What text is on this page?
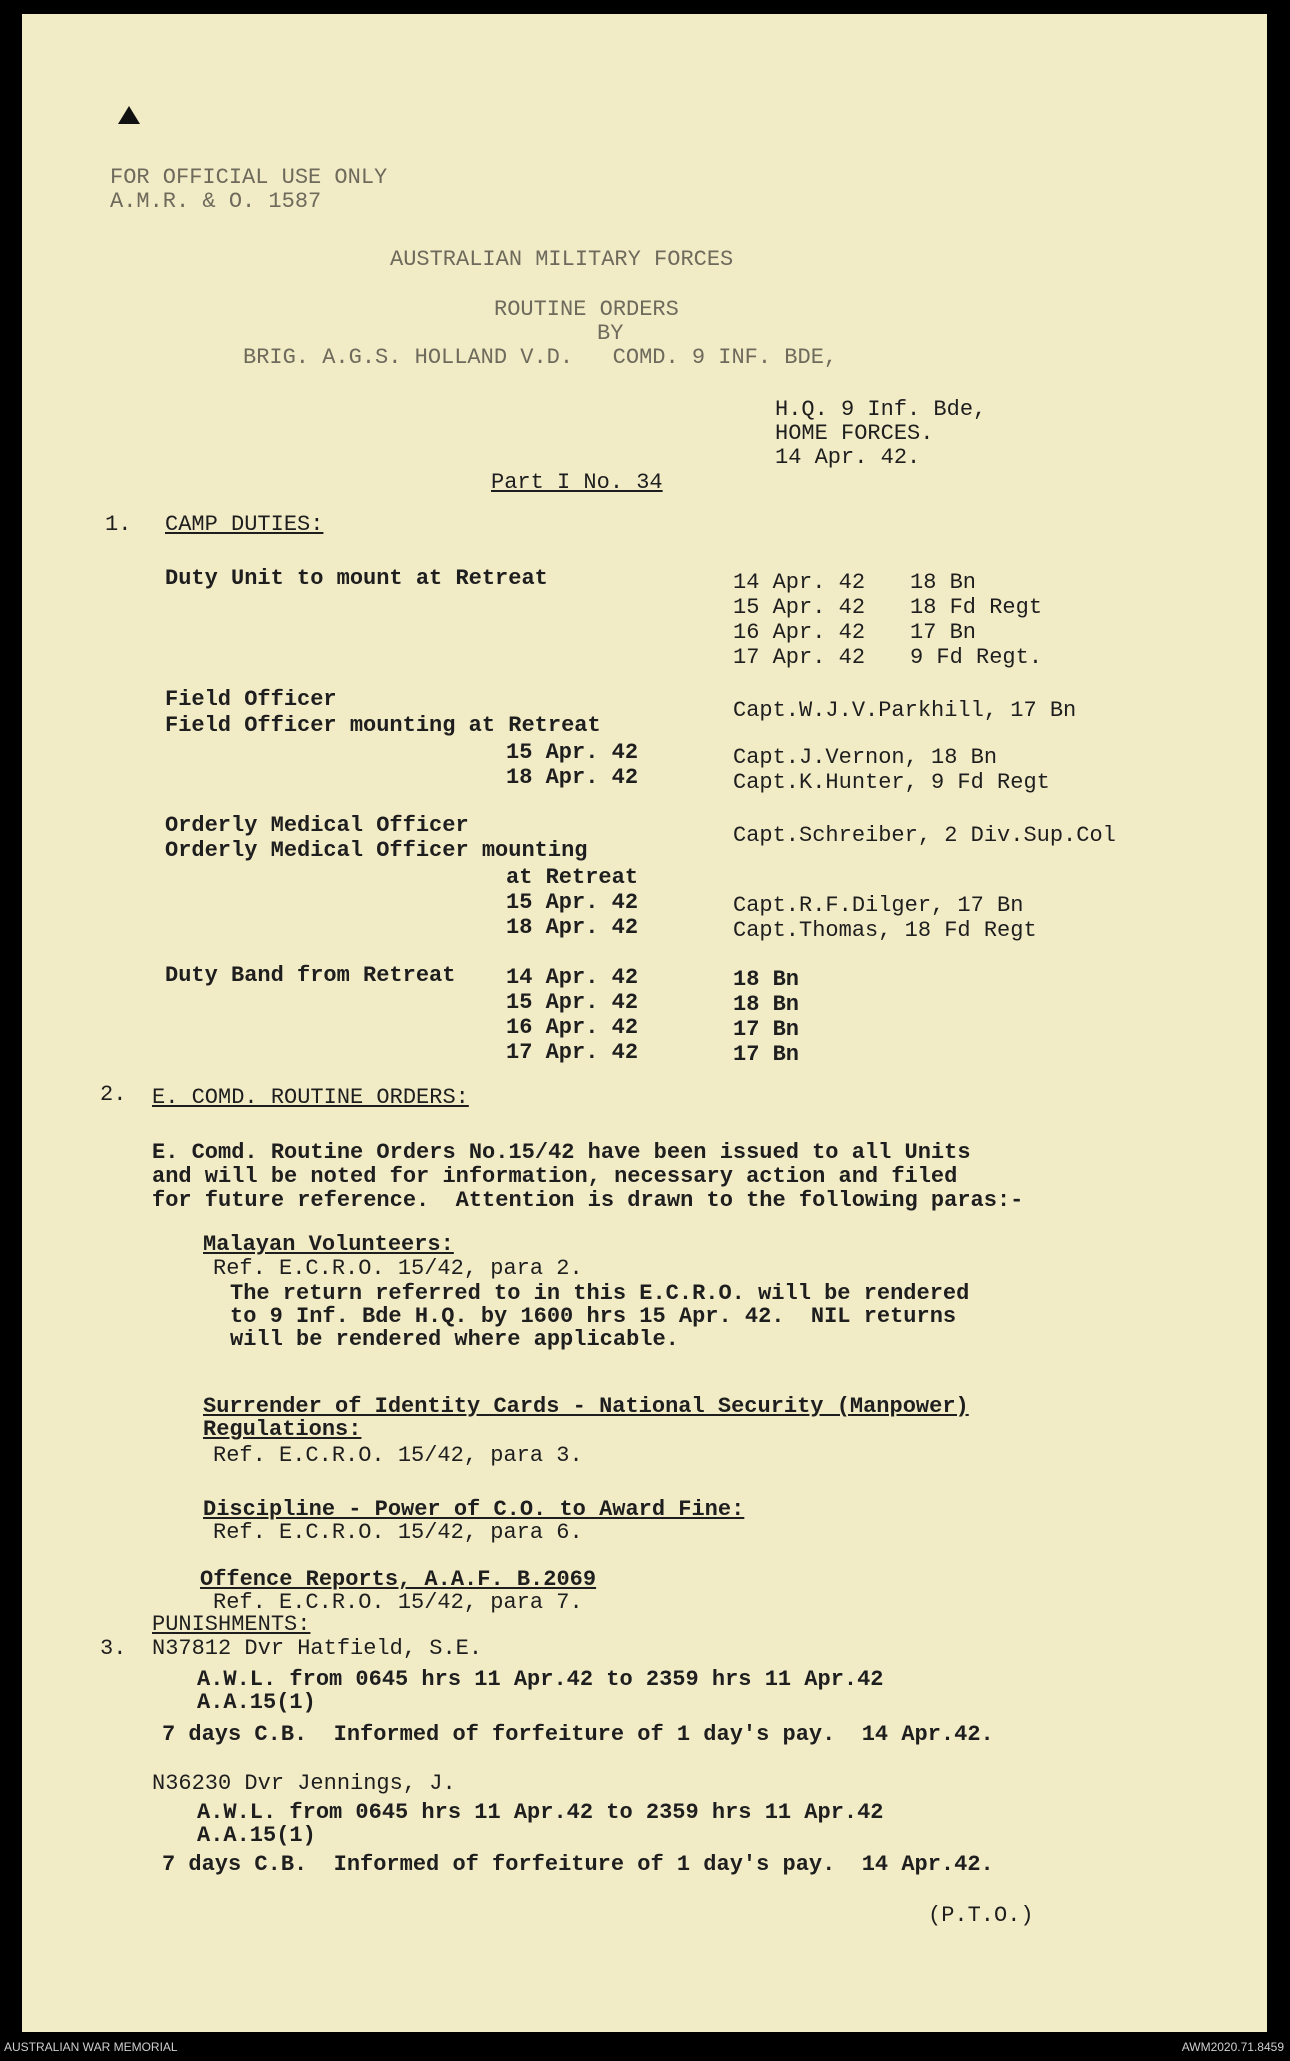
FOR OFFICIAL USE ONLY
A.M.R. & O. 1587
AUSTRALIAN MILITARY FORCES
ROUTINE ORDERS
BY
BRIG. A.G.S. HOLLAND V.D.   COMD. 9 INF. BDE,
H.Q. 9 Inf. Bde,
HOME FORCES.
14 Apr. 42.
Part I No. 34
1. CAMP DUTIES:
Duty Unit to mount at Retreat	14 Apr. 42 18 Bn
15 Apr. 42 18 Fd Regt
16 Apr. 42 17 Bn
17 Apr. 42 9 Fd Regt.
Field Officer	Capt.W.J.V.Parkhill, 17 Bn
Field Officer mounting at Retreat
15 Apr. 42	Capt.J.Vernon, 18 Bn
18 Apr. 42	Capt.K.Hunter, 9 Fd Regt
Orderly Medical Officer	Capt.Schreiber, 2 Div.Sup.Col
Orderly Medical Officer mounting
at Retreat
15 Apr. 42	Capt.R.F.Dilger, 17 Bn
18 Apr. 42	Capt.Thomas, 18 Fd Regt
Duty Band from Retreat 14 Apr. 42	18 Bn
15 Apr. 42	18 Bn
16 Apr. 42	17 Bn
17 Apr. 42	17 Bn
2. E. COMD. ROUTINE ORDERS:
E. Comd. Routine Orders No.15/42 have been issued to all Units
and will be noted for information, necessary action and filed
for future reference.  Attention is drawn to the following paras:-
Malayan Volunteers:
Ref. E.C.R.O. 15/42, para 2.
The return referred to in this E.C.R.O. will be rendered
to 9 Inf. Bde H.Q. by 1600 hrs 15 Apr. 42.  NIL returns
will be rendered where applicable.
Surrender of Identity Cards - National Security (Manpower)
Regulations:
Ref. E.C.R.O. 15/42, para 3.
Discipline - Power of C.O. to Award Fine:
Ref. E.C.R.O. 15/42, para 6.
Offence Reports, A.A.F. B.2069
Ref. E.C.R.O. 15/42, para 7.
PUNISHMENTS:
3. N37812 Dvr Hatfield, S.E.
A.W.L. from 0645 hrs 11 Apr.42 to 2359 hrs 11 Apr.42
A.A.15(1)
7 days C.B.  Informed of forfeiture of 1 day's pay.  14 Apr.42.
N36230 Dvr Jennings, J.
A.W.L. from 0645 hrs 11 Apr.42 to 2359 hrs 11 Apr.42
A.A.15(1)
7 days C.B.  Informed of forfeiture of 1 day's pay.  14 Apr.42.
(P.T.O.)
AUSTRALIAN WAR MEMORIAL	AWM2020.71.8459
